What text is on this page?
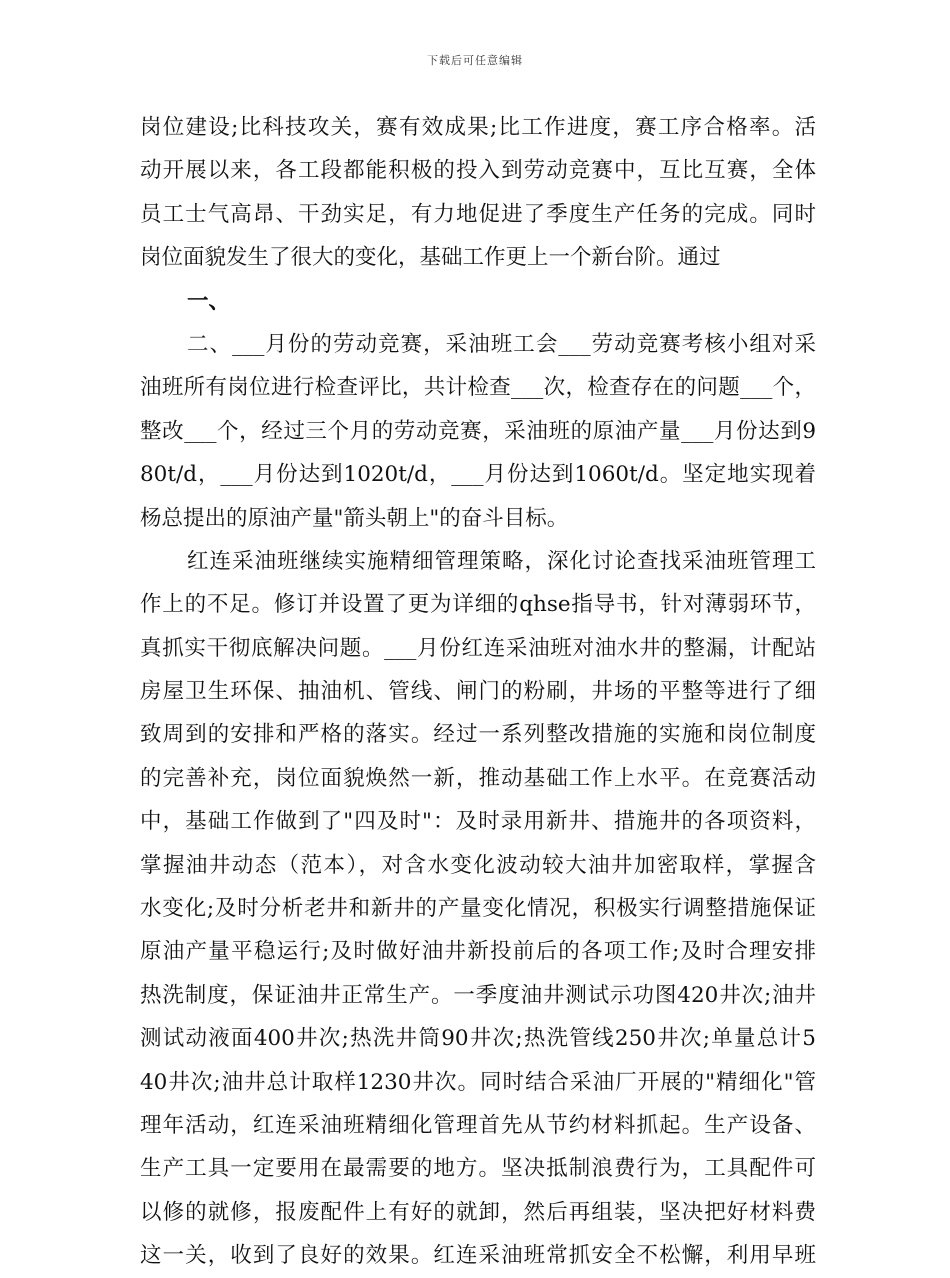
下载后可任意编辑
岗位建设;比科技攻关，赛有效成果;比工作进度，赛工序合格率。活
动开展以来，各工段都能积极的投入到劳动竞赛中，互比互赛，全体
员工士气高昂、干劲实足，有力地促进了季度生产任务的完成。同时
岗位面貌发生了很大的变化，基础工作更上一个新台阶。通过
一、
二、___月份的劳动竞赛，采油班工会___劳动竞赛考核小组对采
油班所有岗位进行检查评比，共计检查___次，检查存在的问题___个，
整改___个，经过三个月的劳动竞赛，采油班的原油产量___月份达到9
80t/d，___月份达到1020t/d，___月份达到1060t/d。坚定地实现着
杨总提出的原油产量"箭头朝上"的奋斗目标。
红连采油班继续实施精细管理策略，深化讨论查找采油班管理工
作上的不足。修订并设置了更为详细的qhse指导书，针对薄弱环节，
真抓实干彻底解决问题。___月份红连采油班对油水井的整漏，计配站
房屋卫生环保、抽油机、管线、闸门的粉刷，井场的平整等进行了细
致周到的安排和严格的落实。经过一系列整改措施的实施和岗位制度
的完善补充，岗位面貌焕然一新，推动基础工作上水平。在竞赛活动
中，基础工作做到了"四及时"：及时录用新井、措施井的各项资料，
掌握油井动态（范本），对含水变化波动较大油井加密取样，掌握含
水变化;及时分析老井和新井的产量变化情况，积极实行调整措施保证
原油产量平稳运行;及时做好油井新投前后的各项工作;及时合理安排
热洗制度，保证油井正常生产。一季度油井测试示功图420井次;油井
测试动液面400井次;热洗井筒90井次;热洗管线250井次;单量总计5
40井次;油井总计取样1230井次。同时结合采油厂开展的"精细化"管
理年活动，红连采油班精细化管理首先从节约材料抓起。生产设备、
生产工具一定要用在最需要的地方。坚决抵制浪费行为，工具配件可
以修的就修，报废配件上有好的就卸，然后再组装，坚决把好材料费
这一关，收到了良好的效果。红连采油班常抓安全不松懈，利用早班
